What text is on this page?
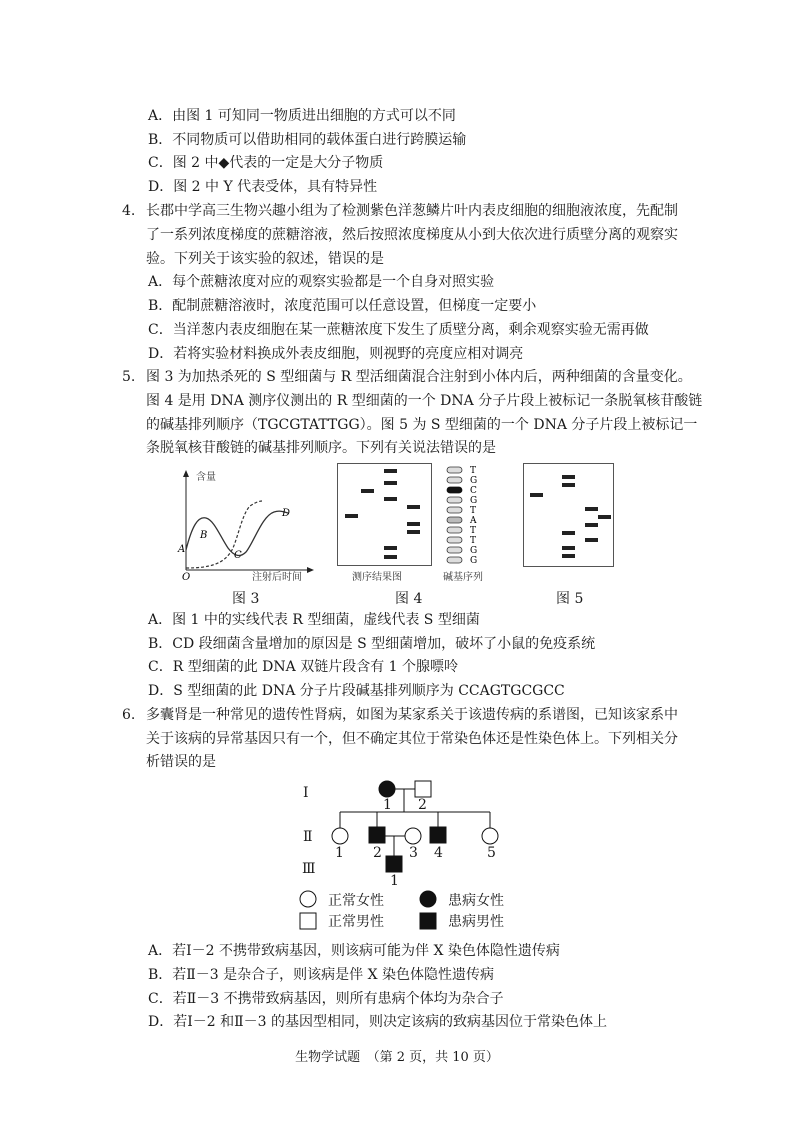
A．由图 1 可知同一物质进出细胞的方式可以不同
B．不同物质可以借助相同的载体蛋白进行跨膜运输
C．图 2 中◆代表的一定是大分子物质
D．图 2 中 Y 代表受体，具有特异性
4. 长郡中学高三生物兴趣小组为了检测紫色洋葱鳞片叶内表皮细胞的细胞液浓度，先配制
了一系列浓度梯度的蔗糖溶液，然后按照浓度梯度从小到大依次进行质壁分离的观察实
验。下列关于该实验的叙述，错误的是
A．每个蔗糖浓度对应的观察实验都是一个自身对照实验
B．配制蔗糖溶液时，浓度范围可以任意设置，但梯度一定要小
C．当洋葱内表皮细胞在某一蔗糖浓度下发生了质壁分离，剩余观察实验无需再做
D．若将实验材料换成外表皮细胞，则视野的亮度应相对调亮
5. 图 3 为加热杀死的 S 型细菌与 R 型活细菌混合注射到小体内后，两种细菌的含量变化。
图 4 是用 DNA 测序仪测出的 R 型细菌的一个 DNA 分子片段上被标记一条脱氧核苷酸链
的碱基排列顺序（TGCGTATTGG）。图 5 为 S 型细菌的一个 DNA 分子片段上被标记一
条脱氧核苷酸链的碱基排列顺序。下列有关说法错误的是
O
A
B
C
D
含量
注射后时间
图 3
T
G
C
G
T
A
T
T
G
G
测序结果图	碱基序列
图 4	图 5
A．图 1 中的实线代表 R 型细菌，虚线代表 S 型细菌
B．CD 段细菌含量增加的原因是 S 型细菌增加，破坏了小鼠的免疫系统
C．R 型细菌的此 DNA 双链片段含有 1 个腺嘌呤
D．S 型细菌的此 DNA 分子片段碱基排列顺序为 CCAGTGCGCC
6. 多囊肾是一种常见的遗传性肾病，如图为某家系关于该遗传病的系谱图，已知该家系中
关于该病的异常基因只有一个，但不确定其位于常染色体还是性染色体上。下列相关分
析错误的是
Ⅰ
Ⅱ
Ⅲ
1 2
1 2 3 4	5
1
正常女性	患病女性
正常男性	患病男性
A．若Ⅰ－2 不携带致病基因，则该病可能为伴 X 染色体隐性遗传病
B．若Ⅱ－3 是杂合子，则该病是伴 X 染色体隐性遗传病
C．若Ⅱ－3 不携带致病基因，则所有患病个体均为杂合子
D．若Ⅰ－2 和Ⅱ－3 的基因型相同，则决定该病的致病基因位于常染色体上
生物学试题　（第 2 页，共 10 页）
